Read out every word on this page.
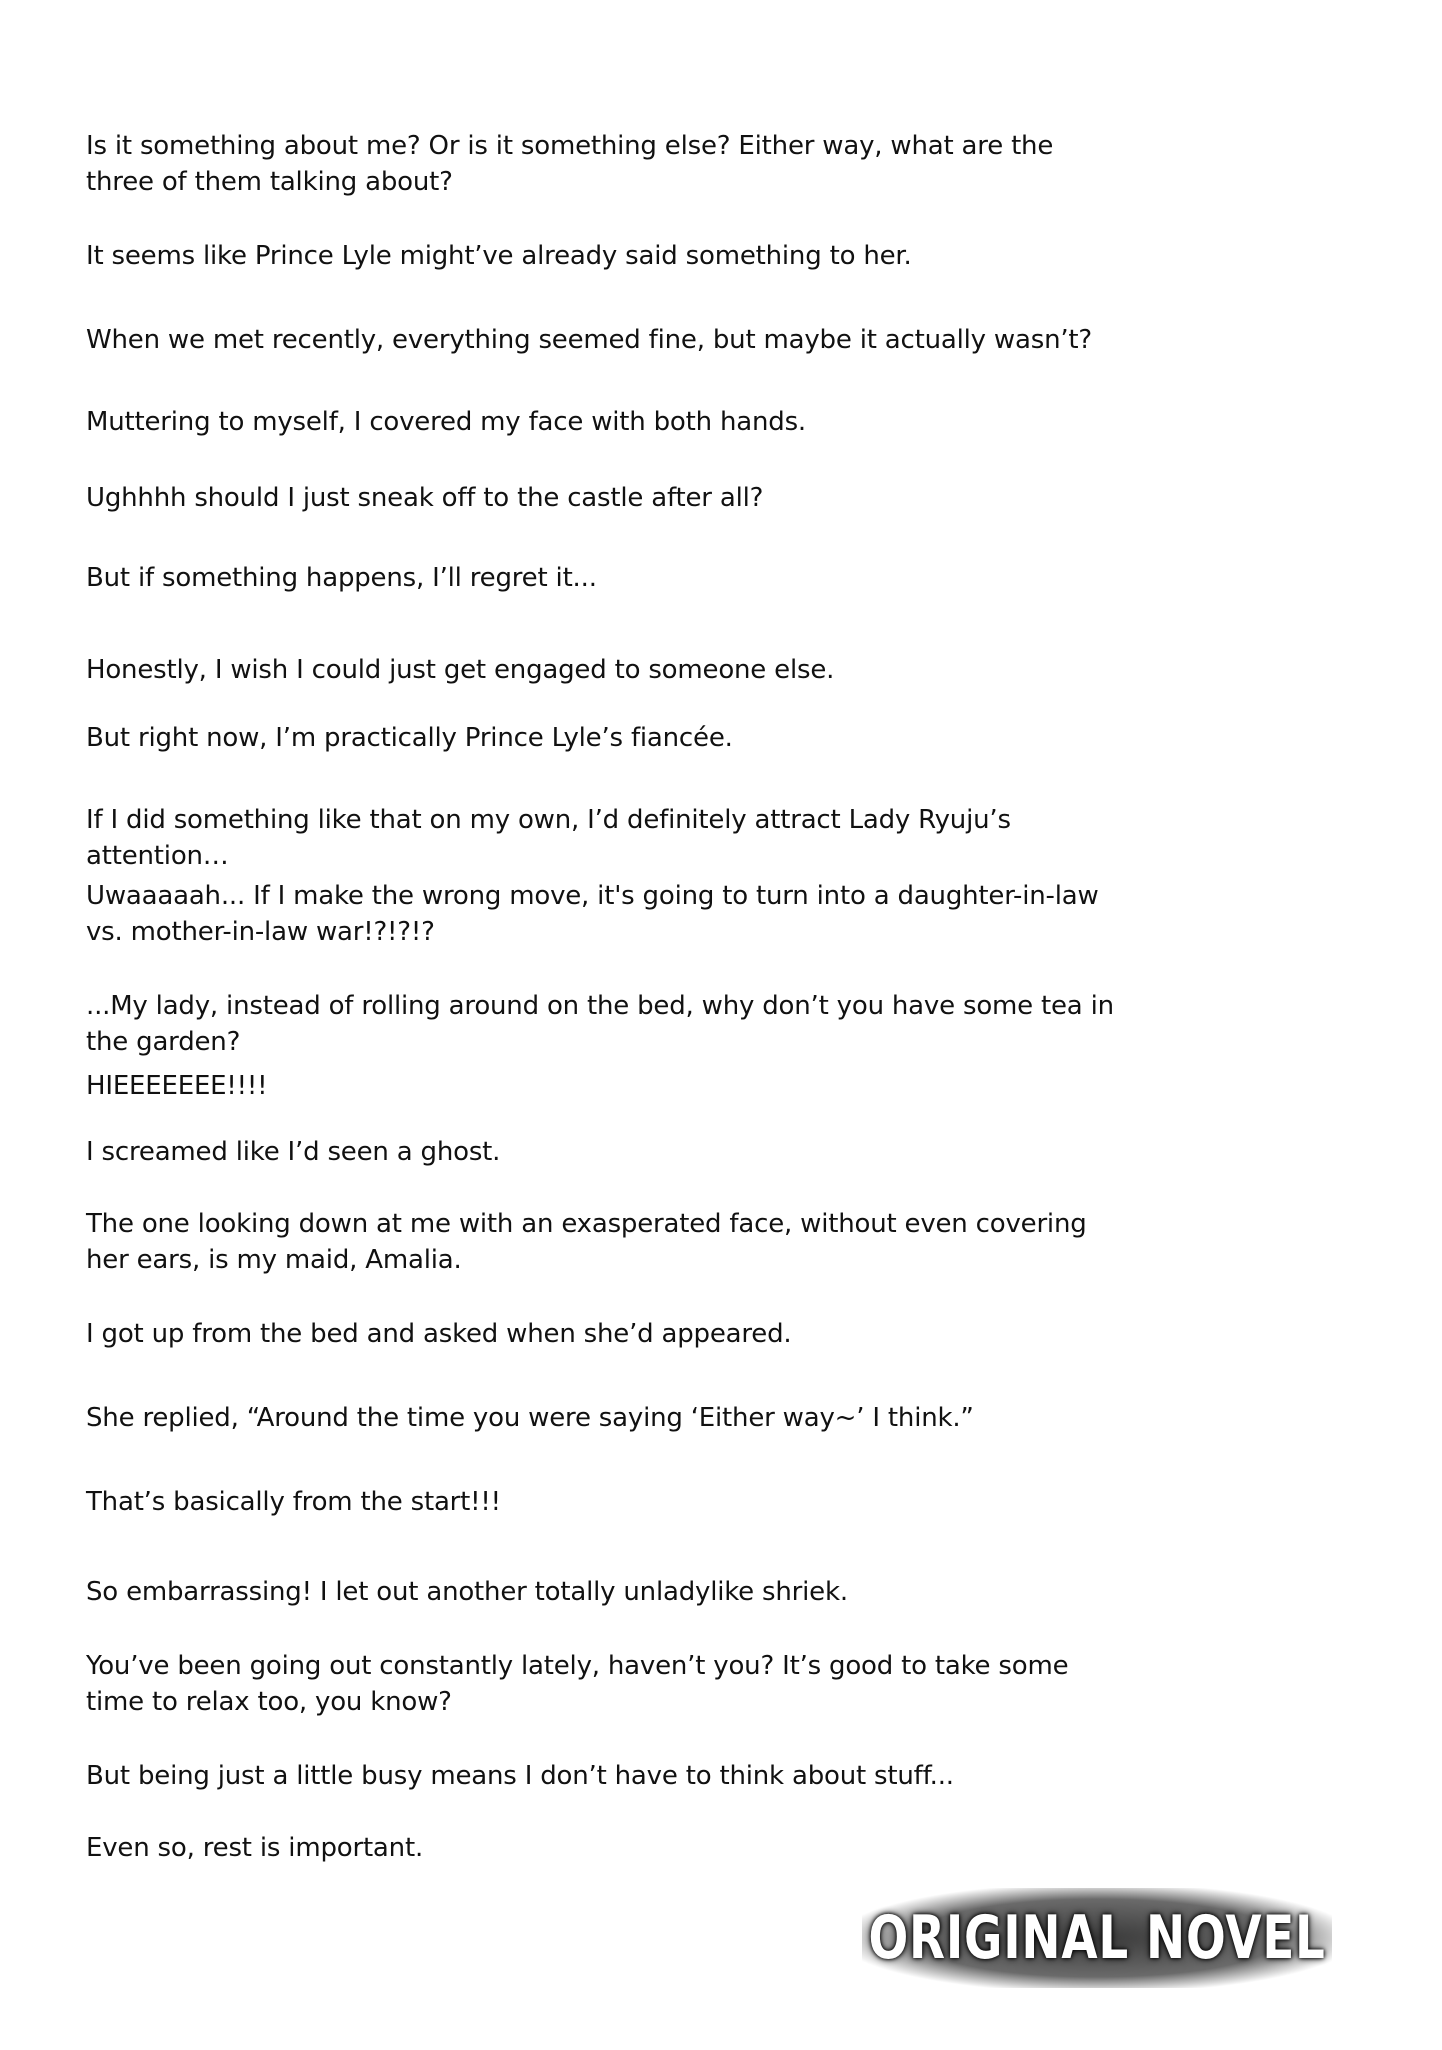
Is it something about me? Or is it something else? Either way, what are the three of them talking about?

It seems like Prince Lyle might’ve already said something to her.

When we met recently, everything seemed fine, but maybe it actually wasn’t?

Muttering to myself, I covered my face with both hands.

Ughhhh should I just sneak off to the castle after all?

But if something happens, I’ll regret it...

Honestly, I wish I could just get engaged to someone else.

But right now, I’m practically Prince Lyle’s fiancée.

If I did something like that on my own, I’d definitely attract Lady Ryuju’s attention…

Uwaaaaah... If I make the wrong move, it's going to turn into a daughter-in-law vs. mother-in-law war!?!?!?

...My lady, instead of rolling around on the bed, why don’t you have some tea in the garden?

HIEEEEEEE!!!!

I screamed like I’d seen a ghost.

The one looking down at me with an exasperated face, without even covering her ears, is my maid, Amalia.

I got up from the bed and asked when she’d appeared.

She replied, “Around the time you were saying ‘Either way~’ I think.”

That’s basically from the start!!!

So embarrassing! I let out another totally unladylike shriek.

You’ve been going out constantly lately, haven’t you? It’s good to take some time to relax too, you know?

But being just a little busy means I don’t have to think about stuff...

Even so, rest is important.

ORIGINAL NOVEL
